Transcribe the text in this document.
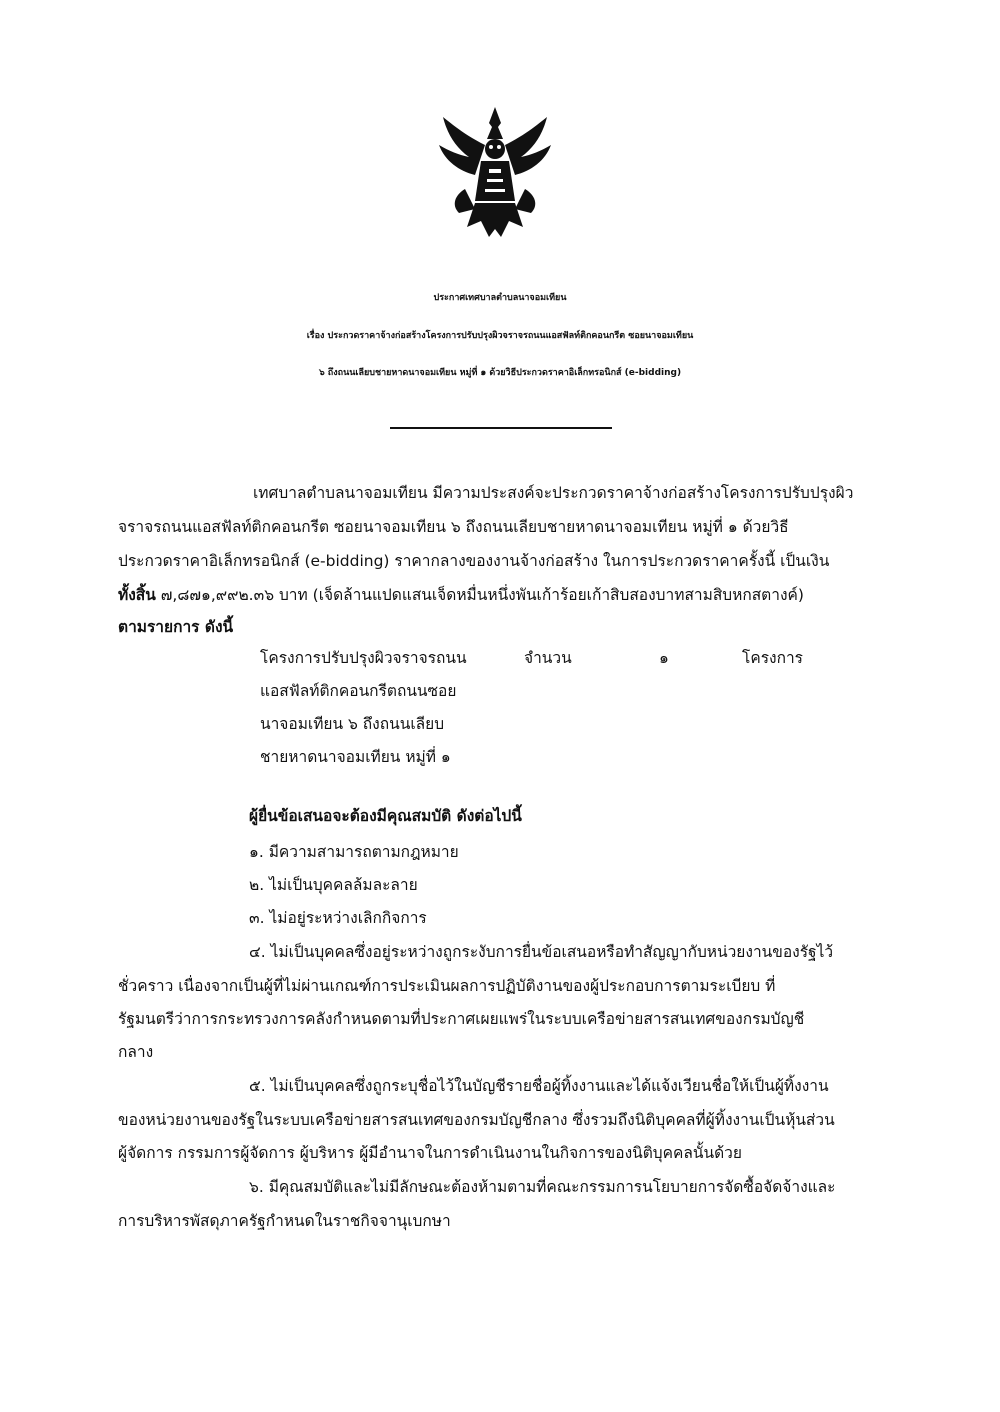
ประกาศเทศบาลตำบลนาจอมเทียน
เรื่อง ประกวดราคาจ้างก่อสร้างโครงการปรับปรุงผิวจราจรถนนแอสฟัลท์ติกคอนกรีต ซอยนาจอมเทียน
๖ ถึงถนนเลียบชายหาดนาจอมเทียน หมู่ที่ ๑ ด้วยวิธีประกวดราคาอิเล็กทรอนิกส์ (e-bidding)
เทศบาลตำบลนาจอมเทียน มีความประสงค์จะประกวดราคาจ้างก่อสร้างโครงการปรับปรุงผิว
จราจรถนนแอสฟัลท์ติกคอนกรีต ซอยนาจอมเทียน ๖ ถึงถนนเลียบชายหาดนาจอมเทียน หมู่ที่ ๑ ด้วยวิธี
ประกวดราคาอิเล็กทรอนิกส์ (e-bidding) ราคากลางของงานจ้างก่อสร้าง ในการประกวดราคาครั้งนี้ เป็นเงิน
ทั้งสิ้น ๗,๘๗๑,๙๙๒.๓๖ บาท (เจ็ดล้านแปดแสนเจ็ดหมื่นหนึ่งพันเก้าร้อยเก้าสิบสองบาทสามสิบหกสตางค์)
ตามรายการ ดังนี้
โครงการปรับปรุงผิวจราจรถนน
แอสฟัลท์ติกคอนกรีตถนนซอย
นาจอมเทียน ๖ ถึงถนนเลียบ
ชายหาดนาจอมเทียน หมู่ที่ ๑
จำนวน	๑	โครงการ
ผู้ยื่นข้อเสนอจะต้องมีคุณสมบัติ ดังต่อไปนี้
๑. มีความสามารถตามกฎหมาย
๒. ไม่เป็นบุคคลล้มละลาย
๓. ไม่อยู่ระหว่างเลิกกิจการ
๔. ไม่เป็นบุคคลซึ่งอยู่ระหว่างถูกระงับการยื่นข้อเสนอหรือทำสัญญากับหน่วยงานของรัฐไว้
ชั่วคราว เนื่องจากเป็นผู้ที่ไม่ผ่านเกณฑ์การประเมินผลการปฏิบัติงานของผู้ประกอบการตามระเบียบ ที่
รัฐมนตรีว่าการกระทรวงการคลังกำหนดตามที่ประกาศเผยแพร่ในระบบเครือข่ายสารสนเทศของกรมบัญชี
กลาง
๕. ไม่เป็นบุคคลซึ่งถูกระบุชื่อไว้ในบัญชีรายชื่อผู้ทิ้งงานและได้แจ้งเวียนชื่อให้เป็นผู้ทิ้งงาน
ของหน่วยงานของรัฐในระบบเครือข่ายสารสนเทศของกรมบัญชีกลาง ซึ่งรวมถึงนิติบุคคลที่ผู้ทิ้งงานเป็นหุ้นส่วน
ผู้จัดการ กรรมการผู้จัดการ ผู้บริหาร ผู้มีอำนาจในการดำเนินงานในกิจการของนิติบุคคลนั้นด้วย
๖. มีคุณสมบัติและไม่มีลักษณะต้องห้ามตามที่คณะกรรมการนโยบายการจัดซื้อจัดจ้างและ
การบริหารพัสดุภาครัฐกำหนดในราชกิจจานุเบกษา
